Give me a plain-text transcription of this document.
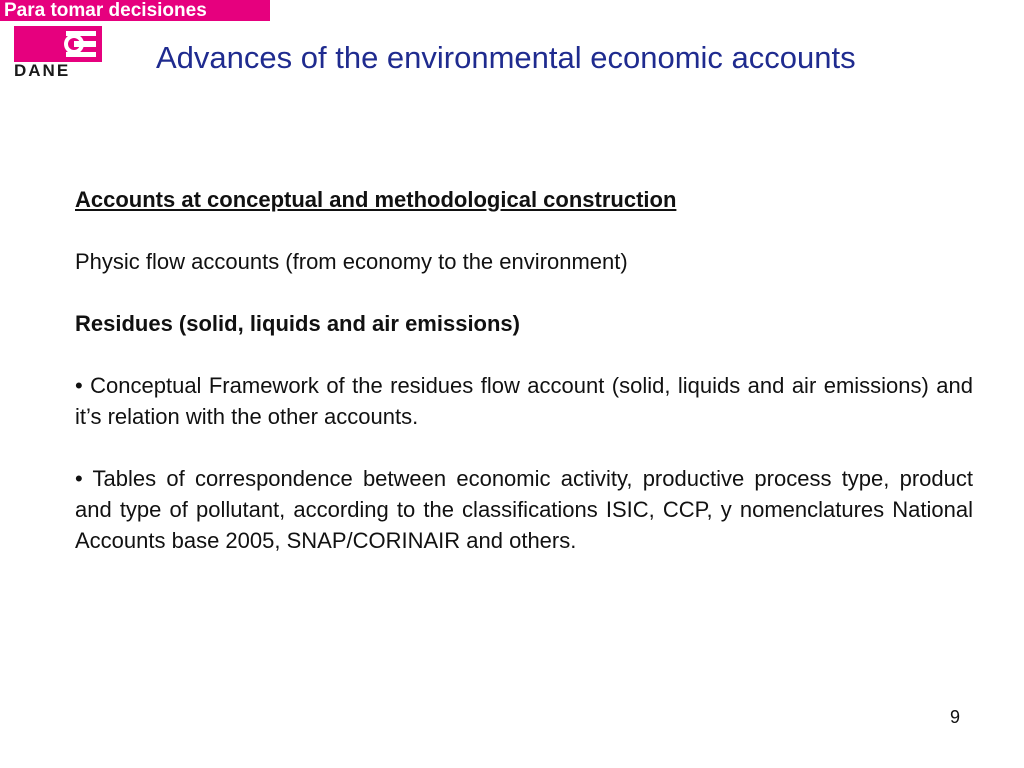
Para tomar decisiones
DANE	Advances of the environmental economic accounts

Accounts at conceptual and methodological construction

Physic flow accounts (from economy to the environment)

Residues (solid, liquids and air emissions)

• Conceptual Framework of the residues flow account (solid, liquids and air emissions) and it’s relation with the other accounts.

• Tables of correspondence between economic activity, productive process type, product and type of pollutant, according to the classifications ISIC, CCP, y nomenclatures National Accounts base 2005, SNAP/CORINAIR and others.

9
